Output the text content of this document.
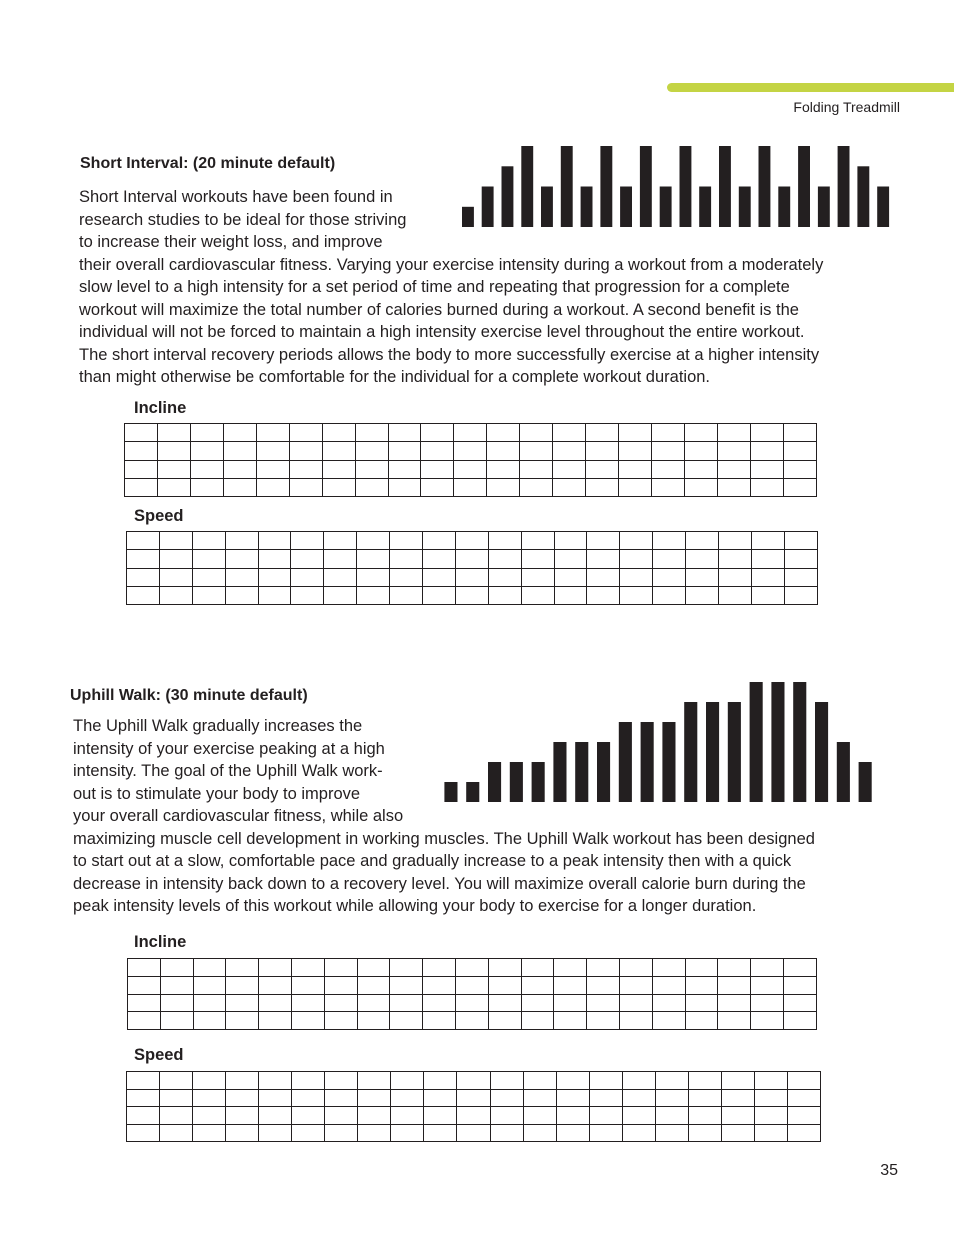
Folding Treadmill
Short Interval: (20 minute default)
Short Interval workouts have been found in
research studies to be ideal for those striving
to increase their weight loss, and improve
their overall cardiovascular fitness. Varying your exercise intensity during a workout from a moderately
slow level to a high intensity for a set period of time and repeating that progression for a complete
workout will maximize the total number of calories burned during a workout. A second benefit is the
individual will not be forced to maintain a high intensity exercise level throughout the entire workout.
The short interval recovery periods allows the body to more successfully exercise at a higher intensity
than might otherwise be comfortable for the individual for a complete workout duration.
Incline

Speed

Uphill Walk: (30 minute default)
The Uphill Walk gradually increases the
intensity of your exercise peaking at a high
intensity. The goal of the Uphill Walk work-
out is to stimulate your body to improve
your overall cardiovascular fitness, while also
maximizing muscle cell development in working muscles. The Uphill Walk workout has been designed
to start out at a slow, comfortable pace and gradually increase to a peak intensity then with a quick
decrease in intensity back down to a recovery level. You will maximize overall calorie burn during the
peak intensity levels of this workout while allowing your body to exercise for a longer duration.
Incline

Speed

35
